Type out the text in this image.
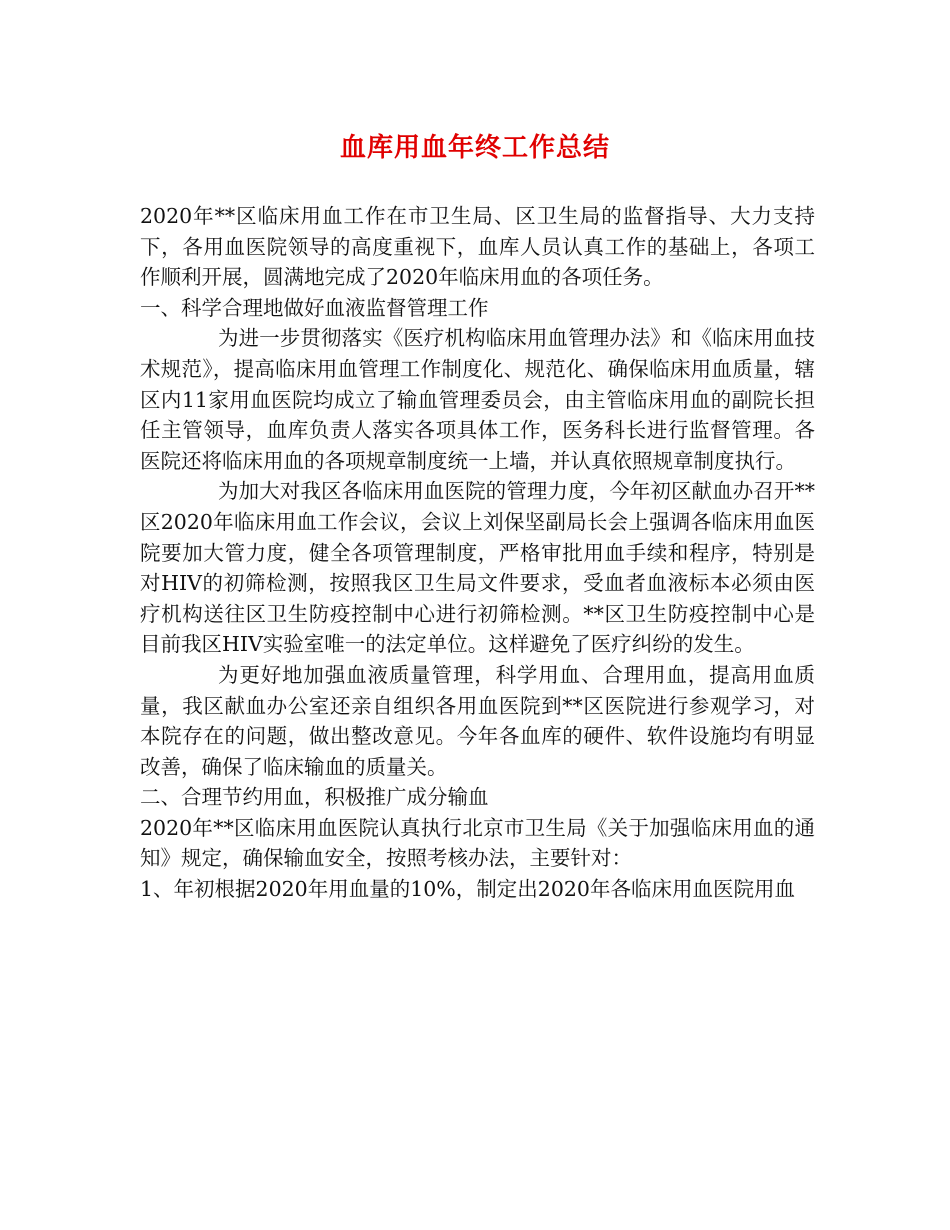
血库用血年终工作总结

2020年**区临床用血工作在市卫生局、区卫生局的监督指导、大力支持下，各用血医院领导的高度重视下，血库人员认真工作的基础上，各项工作顺利开展，圆满地完成了2020年临床用血的各项任务。

一、科学合理地做好血液监督管理工作

为进一步贯彻落实《医疗机构临床用血管理办法》和《临床用血技术规范》，提高临床用血管理工作制度化、规范化、确保临床用血质量，辖区内11家用血医院均成立了输血管理委员会，由主管临床用血的副院长担任主管领导，血库负责人落实各项具体工作，医务科长进行监督管理。各医院还将临床用血的各项规章制度统一上墙，并认真依照规章制度执行。

为加大对我区各临床用血医院的管理力度，今年初区献血办召开**区2020年临床用血工作会议，会议上刘保坚副局长会上强调各临床用血医院要加大管力度，健全各项管理制度，严格审批用血手续和程序，特别是对HIV的初筛检测，按照我区卫生局文件要求，受血者血液标本必须由医疗机构送往区卫生防疫控制中心进行初筛检测。**区卫生防疫控制中心是目前我区HIV实验室唯一的法定单位。这样避免了医疗纠纷的发生。

为更好地加强血液质量管理，科学用血、合理用血，提高用血质量，我区献血办公室还亲自组织各用血医院到**区医院进行参观学习，对本院存在的问题，做出整改意见。今年各血库的硬件、软件设施均有明显改善，确保了临床输血的质量关。

二、合理节约用血，积极推广成分输血

2020年**区临床用血医院认真执行北京市卫生局《关于加强临床用血的通知》规定，确保输血安全，按照考核办法，主要针对：

1、年初根据2020年用血量的10%，制定出2020年各临床用血医院用血
